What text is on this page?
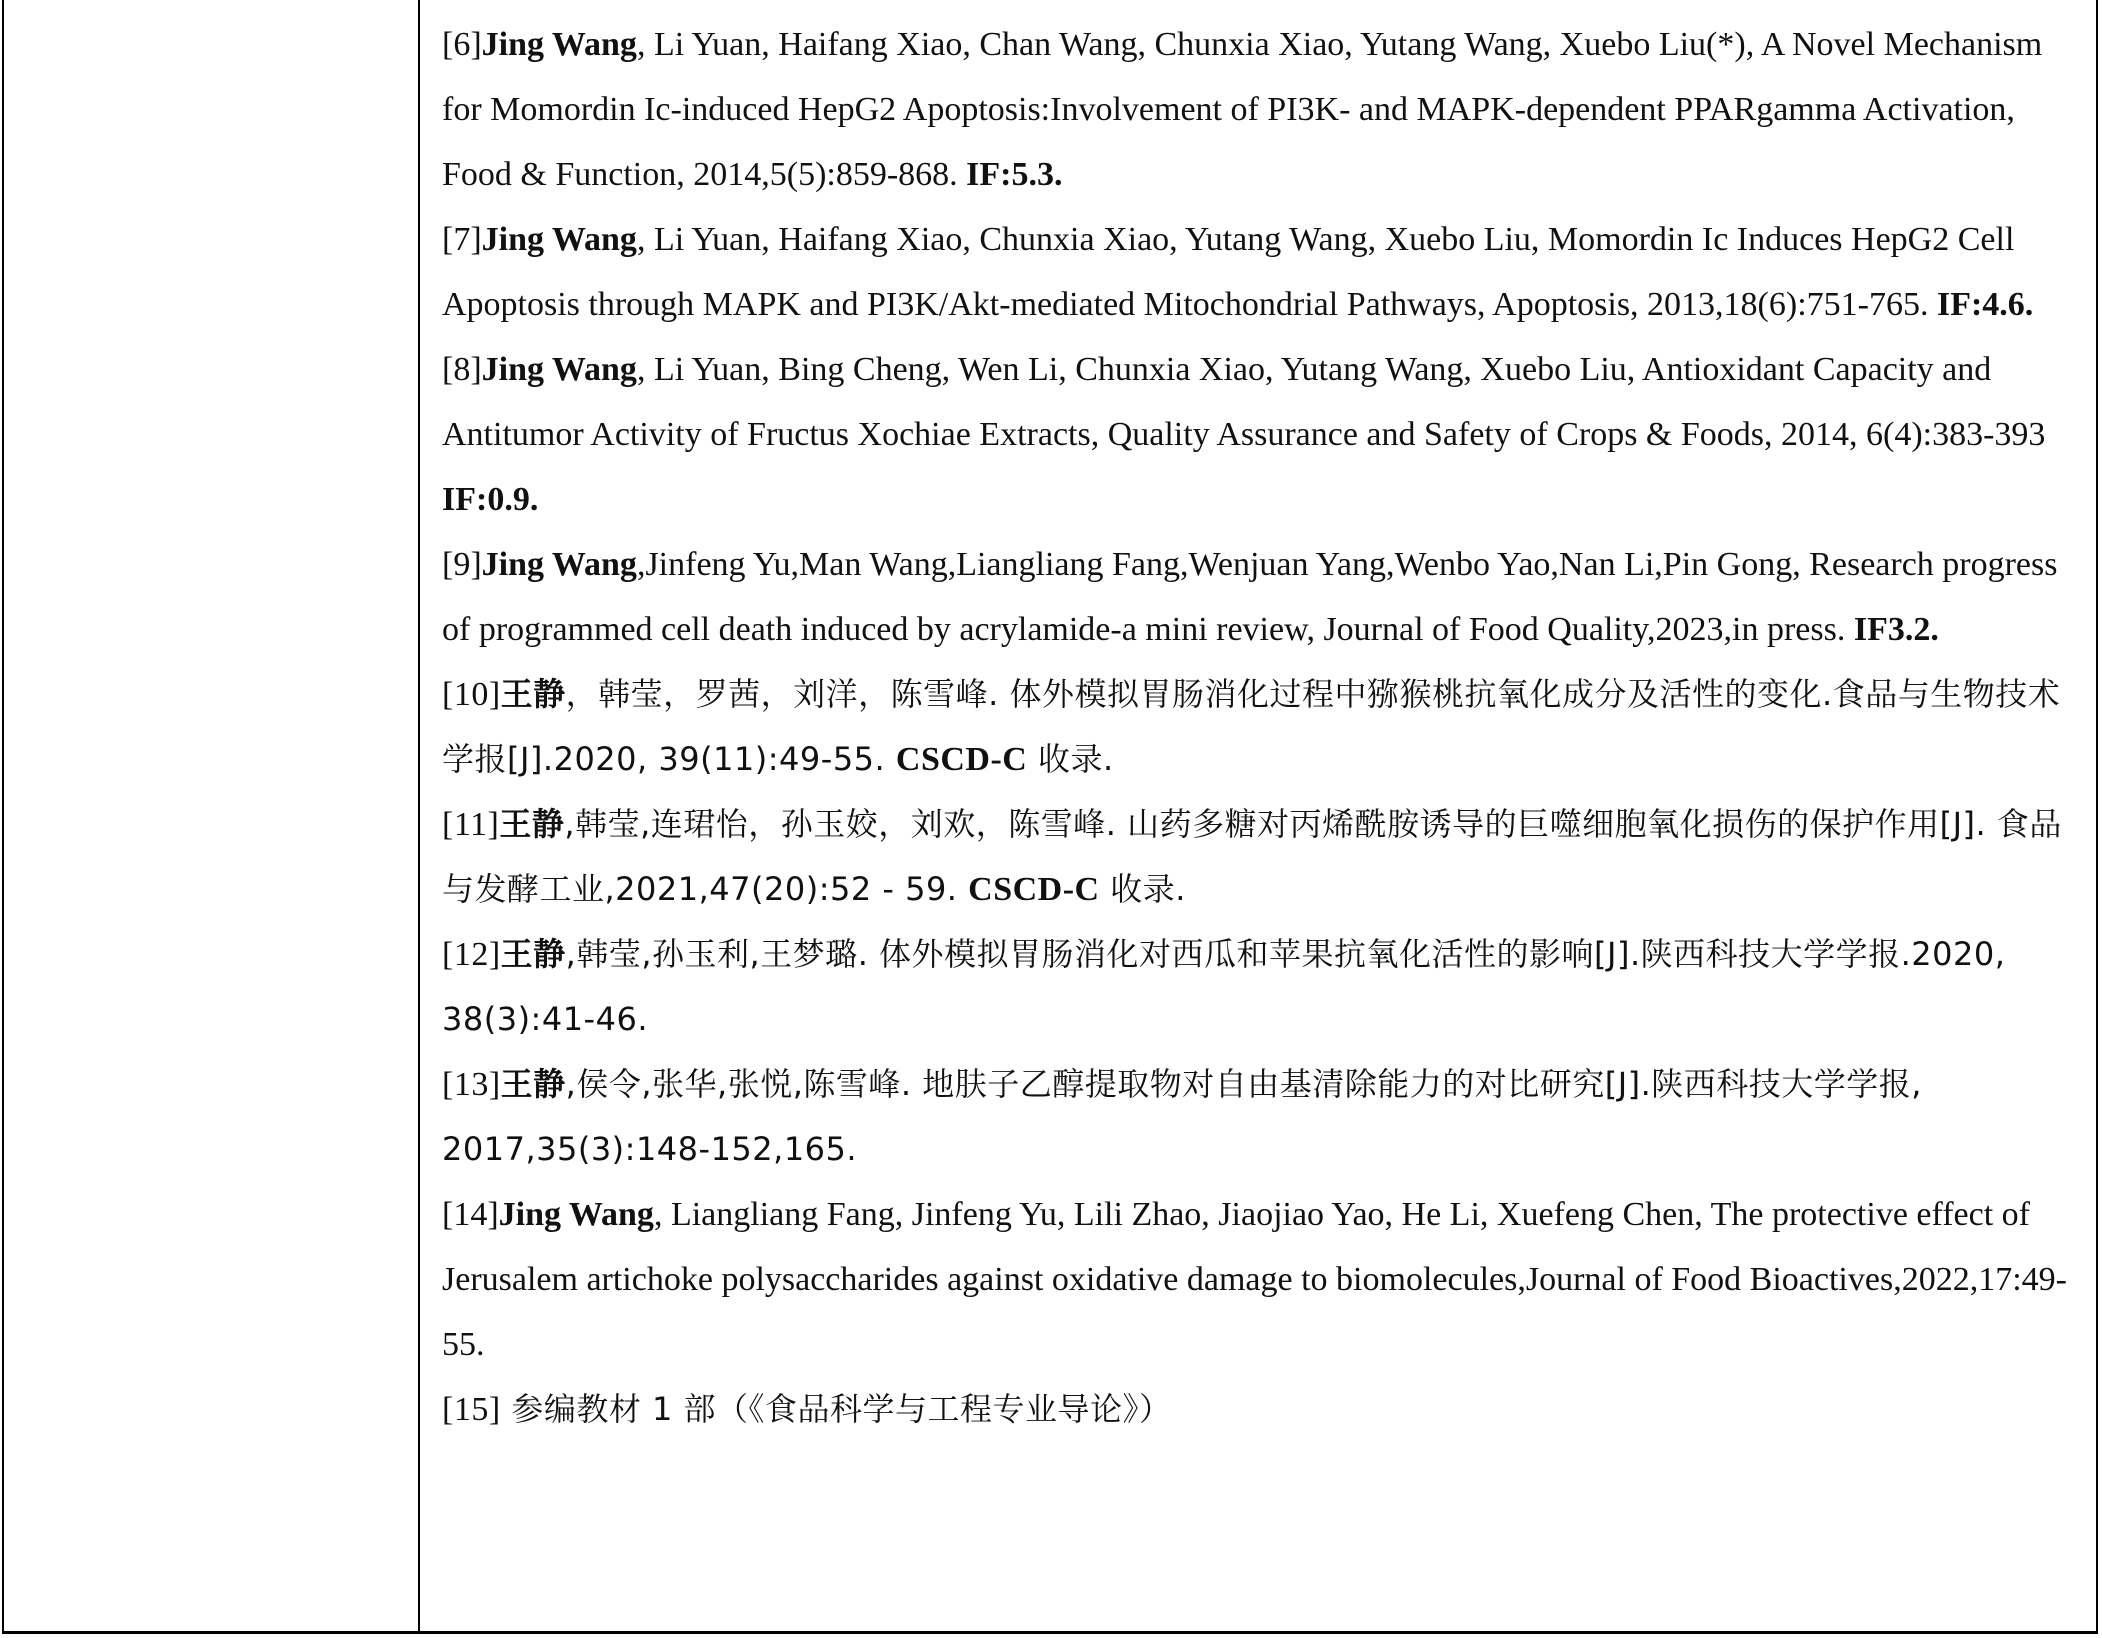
[6]Jing Wang, Li Yuan, Haifang Xiao, Chan Wang, Chunxia Xiao, Yutang Wang, Xuebo Liu(*), A Novel Mechanism for Momordin Ic-induced HepG2 Apoptosis:Involvement of PI3K- and MAPK-dependent PPARgamma Activation, Food & Function, 2014,5(5):859-868. IF:5.3.

[7]Jing Wang, Li Yuan, Haifang Xiao, Chunxia Xiao, Yutang Wang, Xuebo Liu, Momordin Ic Induces HepG2 Cell Apoptosis through MAPK and PI3K/Akt-mediated Mitochondrial Pathways, Apoptosis, 2013,18(6):751-765. IF:4.6.

[8]Jing Wang, Li Yuan, Bing Cheng, Wen Li, Chunxia Xiao, Yutang Wang, Xuebo Liu, Antioxidant Capacity and Antitumor Activity of Fructus Xochiae Extracts, Quality Assurance and Safety of Crops & Foods, 2014, 6(4):383-393 IF:0.9.

[9]Jing Wang,Jinfeng Yu,Man Wang,Liangliang Fang,Wenjuan Yang,Wenbo Yao,Nan Li,Pin Gong, Research progress of programmed cell death induced by acrylamide-a mini review, Journal of Food Quality,2023,in press. IF3.2.

[10]王静，韩莹，罗茜，刘洋，陈雪峰. 体外模拟胃肠消化过程中猕猴桃抗氧化成分及活性的变化.食品与生物技术学报[J].2020, 39(11):49-55. CSCD-C 收录.

[11]王静,韩莹,连珺怡，孙玉姣，刘欢，陈雪峰. 山药多糖对丙烯酰胺诱导的巨噬细胞氧化损伤的保护作用[J]. 食品与发酵工业,2021,47(20):52 - 59. CSCD-C 收录.

[12]王静,韩莹,孙玉利,王梦璐. 体外模拟胃肠消化对西瓜和苹果抗氧化活性的影响[J].陕西科技大学学报.2020, 38(3):41-46.

[13]王静,侯令,张华,张悦,陈雪峰. 地肤子乙醇提取物对自由基清除能力的对比研究[J].陕西科技大学学报, 2017,35(3):148-152,165.

[14]Jing Wang, Liangliang Fang, Jinfeng Yu, Lili Zhao, Jiaojiao Yao, He Li, Xuefeng Chen, The protective effect of Jerusalem artichoke polysaccharides against oxidative damage to biomolecules,Journal of Food Bioactives,2022,17:49-55.

[15] 参编教材 1 部（《食品科学与工程专业导论》）
